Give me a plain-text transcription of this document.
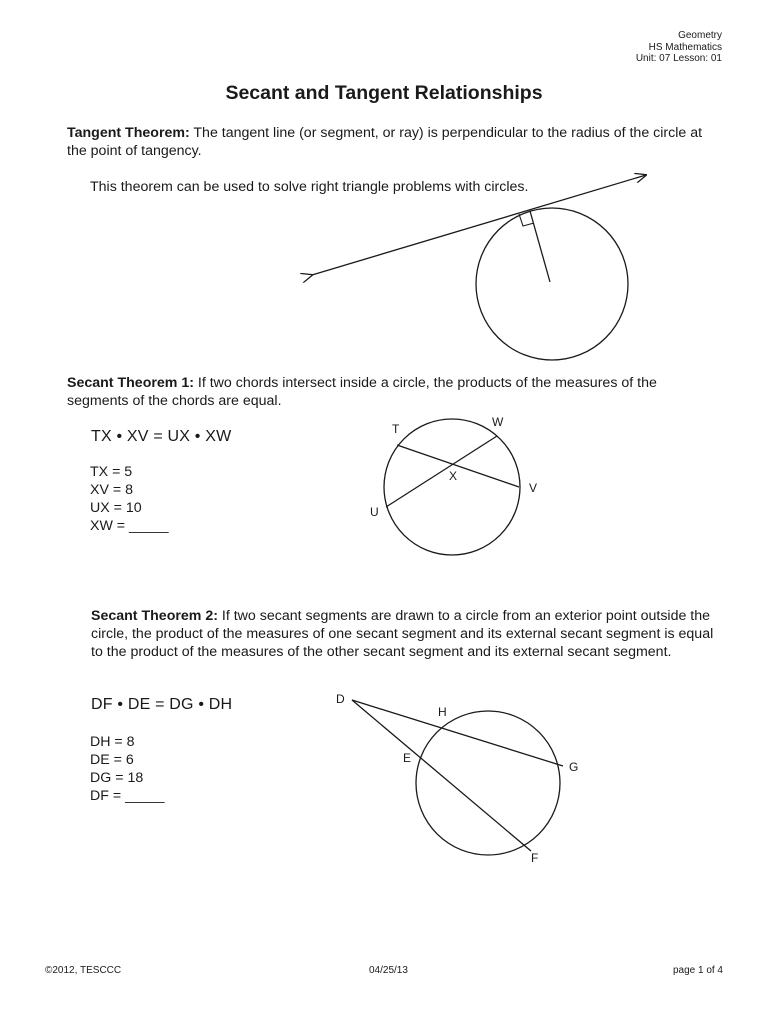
Geometry
HS Mathematics
Unit: 07 Lesson: 01
Secant and Tangent Relationships
Tangent Theorem: The tangent line (or segment, or ray) is perpendicular to the radius of the circle at the point of tangency.
This theorem can be used to solve right triangle problems with circles.
T	W
X
V
U
D
H
E
G
F
Secant Theorem 1: If two chords intersect inside a circle, the products of the measures of the segments of the chords are equal.
TX • XV = UX • XW
TX = 5
XV = 8
UX = 10
XW = _____
Secant Theorem 2: If two secant segments are drawn to a circle from an exterior point outside the circle, the product of the measures of one secant segment and its external secant segment is equal to the product of the measures of the other secant segment and its external secant segment.
DF • DE = DG • DH
DH = 8
DE = 6
DG = 18
DF = _____
©2012, TESCCC	04/25/13	page 1 of 4
